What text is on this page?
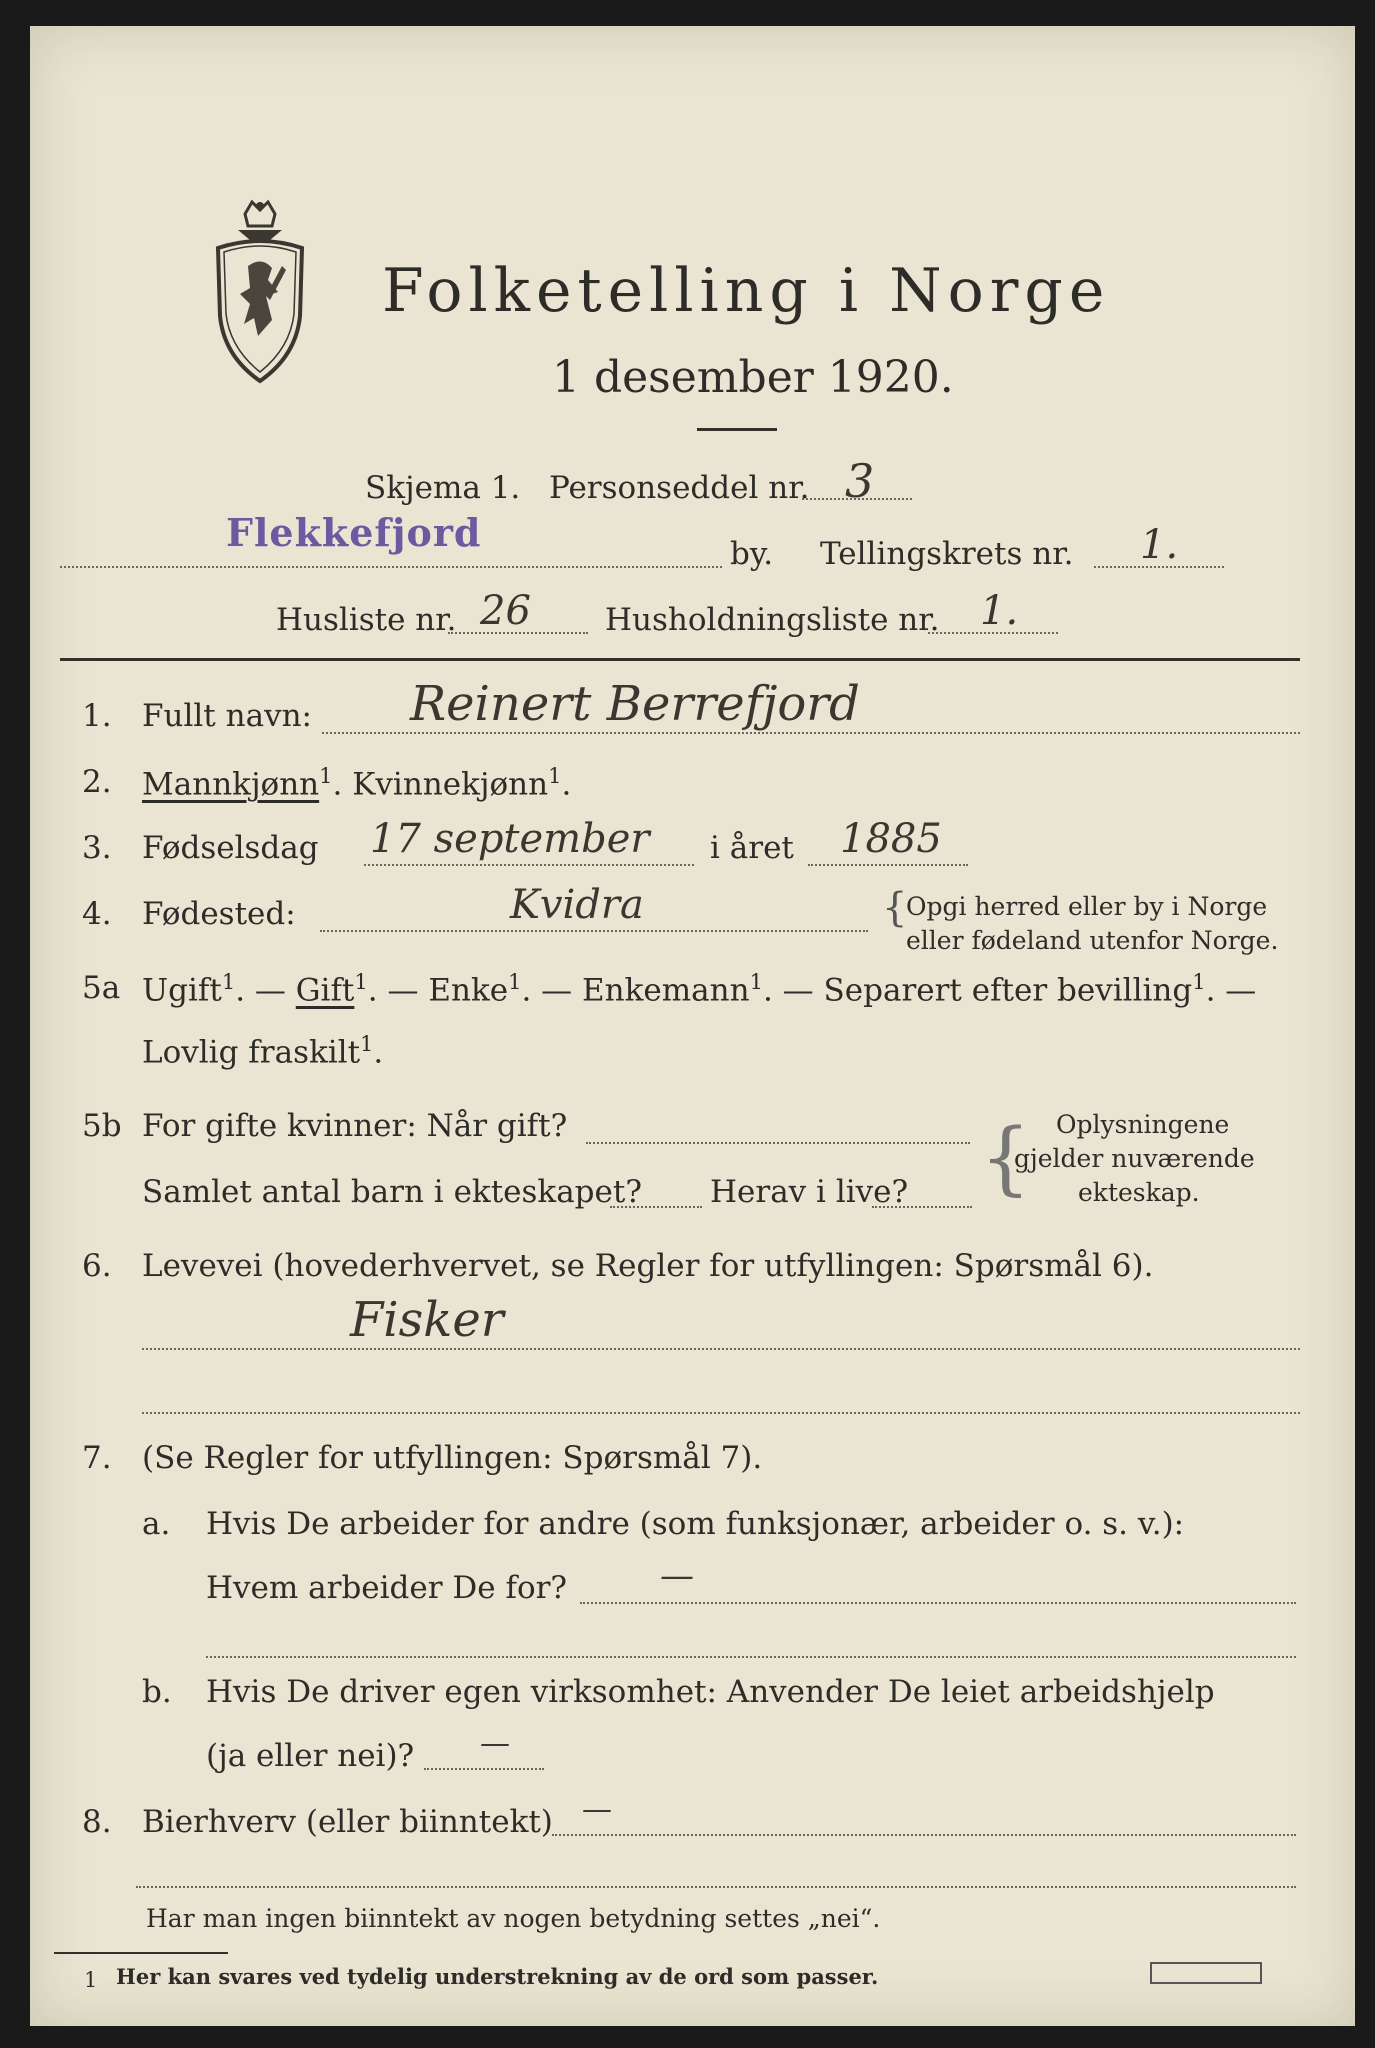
Folketelling i Norge
1 desember 1920.
Skjema 1. Personseddel nr. 3
Flekkefjord	by. Tellingskrets nr. 1.
Husliste nr. 26 Husholdningsliste nr. 1.
1. Fullt navn: Reinert Berrefjord
2. Mannkjønn$^1$. Kvinnekjønn$^1$.
3. Fødselsdag 17 september i året 1885
4. Fødested:	Kvidra	{
Opgi herred eller by i Norge
eller fødeland utenfor Norge.
5a Ugift$^1$. — Gift$^1$. — Enke$^1$. — Enkemann$^1$. — Separert efter bevilling$^1$. —
Lovlig fraskilt$^1$.
5b For gifte kvinner: Når gift?
Samlet antal barn i ekteskapet? Herav i live? { Oplysningene
gjelder nuværende
ekteskap.
6. Levevei (hovederhvervet, se Regler for utfyllingen: Spørsmål 6).
Fisker
7. (Se Regler for utfyllingen: Spørsmål 7).
a. Hvis De arbeider for andre (som funksjonær, arbeider o. s. v.):
Hvem arbeider De for?	—
b. Hvis De driver egen virksomhet: Anvender De leiet arbeidshjelp
(ja eller nei)? —
8. Bierhverv (eller biinntekt) —
Har man ingen biinntekt av nogen betydning settes „nei“.
1 Her kan svares ved tydelig understrekning av de ord som passer.
